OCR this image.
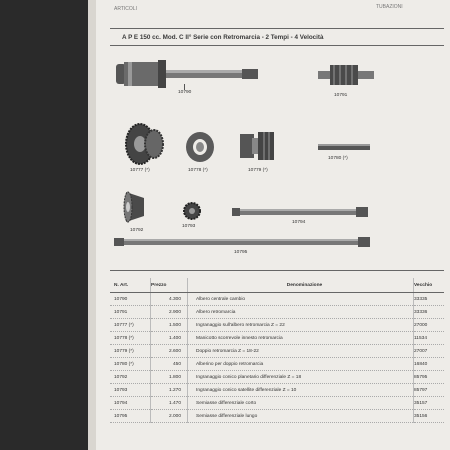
ARTICOLI	TUBAZIONI
A P E 150 cc. Mod. C II° Serie con Retromarcia - 2 Tempi - 4 Velocità
10790
10791
10777 (*)	10778 (*)	10779 (*)
10780 (*)
10792
10793
10794
10795
N. Art.	Prezzo	Denominazione	Vecchio
10790	4.300	Albero centrale cambio	33335
10791	2.900	Albero retromarcia	33336
10777 (*)	1.500	Ingranaggio sull'albero retromarcia Z = 22	27000
10778 (*)	1.400	Manicotto scorrevole innesto retromarcia	11534
10779 (*)	2.600	Doppio retromarcia Z = 18-22	27007
10780 (*)	450	Alberino per doppio retromarcia	16840
10792	1.800	Ingranaggio conico planetario differenziale Z = 18	85795
10793	1.270	Ingranaggio conico satellite differenziale Z = 10	85797
10794	1.470	Semiasse differenziale corto	35157
10795	2.000	Semiasse differenziale lungo	35156
